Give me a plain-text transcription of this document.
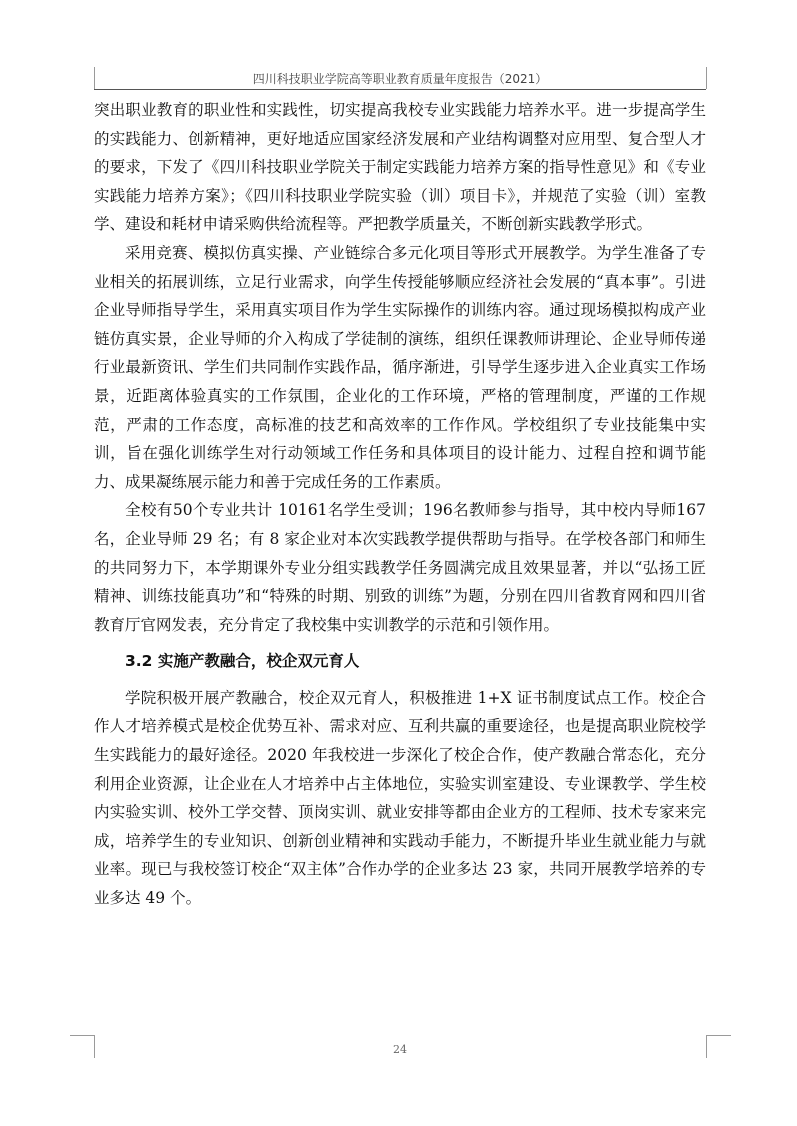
四川科技职业学院高等职业教育质量年度报告（2021）

突出职业教育的职业性和实践性，切实提高我校专业实践能力培养水平。进一步提高学生的实践能力、创新精神，更好地适应国家经济发展和产业结构调整对应用型、复合型人才的要求，下发了《四川科技职业学院关于制定实践能力培养方案的指导性意见》和《专业实践能力培养方案》；《四川科技职业学院实验（训）项目卡》，并规范了实验（训）室教学、建设和耗材申请采购供给流程等。严把教学质量关，不断创新实践教学形式。

采用竞赛、模拟仿真实操、产业链综合多元化项目等形式开展教学。为学生准备了专业相关的拓展训练，立足行业需求，向学生传授能够顺应经济社会发展的“真本事”。引进企业导师指导学生，采用真实项目作为学生实际操作的训练内容。通过现场模拟构成产业链仿真实景，企业导师的介入构成了学徒制的演练，组织任课教师讲理论、企业导师传递行业最新资讯、学生们共同制作实践作品，循序渐进，引导学生逐步进入企业真实工作场景，近距离体验真实的工作氛围，企业化的工作环境，严格的管理制度，严谨的工作规范，严肃的工作态度，高标准的技艺和高效率的工作作风。学校组织了专业技能集中实训，旨在强化训练学生对行动领域工作任务和具体项目的设计能力、过程自控和调节能力、成果凝练展示能力和善于完成任务的工作素质。

全校有50个专业共计 10161名学生受训；196名教师参与指导，其中校内导师167 名，企业导师 29 名；有 8 家企业对本次实践教学提供帮助与指导。在学校各部门和师生的共同努力下，本学期课外专业分组实践教学任务圆满完成且效果显著，并以“弘扬工匠精神、训练技能真功”和“特殊的时期、别致的训练”为题，分别在四川省教育网和四川省教育厅官网发表，充分肯定了我校集中实训教学的示范和引领作用。

3.2 实施产教融合，校企双元育人

学院积极开展产教融合，校企双元育人，积极推进 1+X 证书制度试点工作。校企合作人才培养模式是校企优势互补、需求对应、互利共赢的重要途径，也是提高职业院校学生实践能力的最好途径。2020 年我校进一步深化了校企合作，使产教融合常态化，充分利用企业资源，让企业在人才培养中占主体地位，实验实训室建设、专业课教学、学生校内实验实训、校外工学交替、顶岗实训、就业安排等都由企业方的工程师、技术专家来完成，培养学生的专业知识、创新创业精神和实践动手能力，不断提升毕业生就业能力与就业率。现已与我校签订校企“双主体”合作办学的企业多达 23 家，共同开展教学培养的专业多达 49 个。

24
